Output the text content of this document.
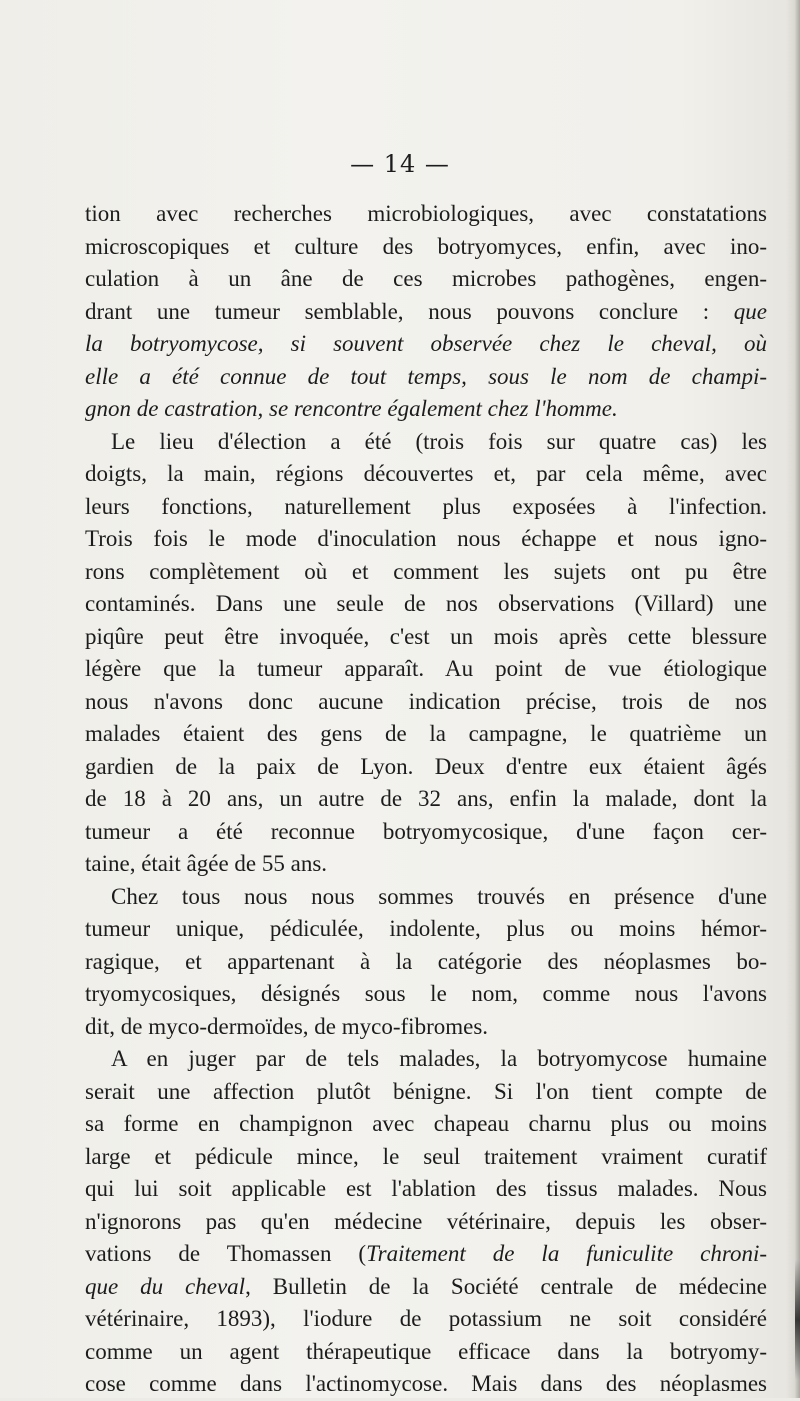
— 14 —
tion avec recherches microbiologiques, avec constatations
microscopiques et culture des botryomyces, enfin, avec ino-
culation à un âne de ces microbes pathogènes, engen-
drant une tumeur semblable, nous pouvons conclure : que
la botryomycose, si souvent observée chez le cheval, où
elle a été connue de tout temps, sous le nom de champi-
gnon de castration, se rencontre également chez l'homme.
Le lieu d'élection a été (trois fois sur quatre cas) les
doigts, la main, régions découvertes et, par cela même, avec
leurs fonctions, naturellement plus exposées à l'infection.
Trois fois le mode d'inoculation nous échappe et nous igno-
rons complètement où et comment les sujets ont pu être
contaminés. Dans une seule de nos observations (Villard) une
piqûre peut être invoquée, c'est un mois après cette blessure
légère que la tumeur apparaît. Au point de vue étiologique
nous n'avons donc aucune indication précise, trois de nos
malades étaient des gens de la campagne, le quatrième un
gardien de la paix de Lyon. Deux d'entre eux étaient âgés
de 18 à 20 ans, un autre de 32 ans, enfin la malade, dont la
tumeur a été reconnue botryomycosique, d'une façon cer-
taine, était âgée de 55 ans.
Chez tous nous nous sommes trouvés en présence d'une
tumeur unique, pédiculée, indolente, plus ou moins hémor-
ragique, et appartenant à la catégorie des néoplasmes bo-
tryomycosiques, désignés sous le nom, comme nous l'avons
dit, de myco-dermoïdes, de myco-fibromes.
A en juger par de tels malades, la botryomycose humaine
serait une affection plutôt bénigne. Si l'on tient compte de
sa forme en champignon avec chapeau charnu plus ou moins
large et pédicule mince, le seul traitement vraiment curatif
qui lui soit applicable est l'ablation des tissus malades. Nous
n'ignorons pas qu'en médecine vétérinaire, depuis les obser-
vations de Thomassen (Traitement de la funiculite chroni-
que du cheval, Bulletin de la Société centrale de médecine
vétérinaire, 1893), l'iodure de potassium ne soit considéré
comme un agent thérapeutique efficace dans la botryomy-
cose comme dans l'actinomycose. Mais dans des néoplasmes
